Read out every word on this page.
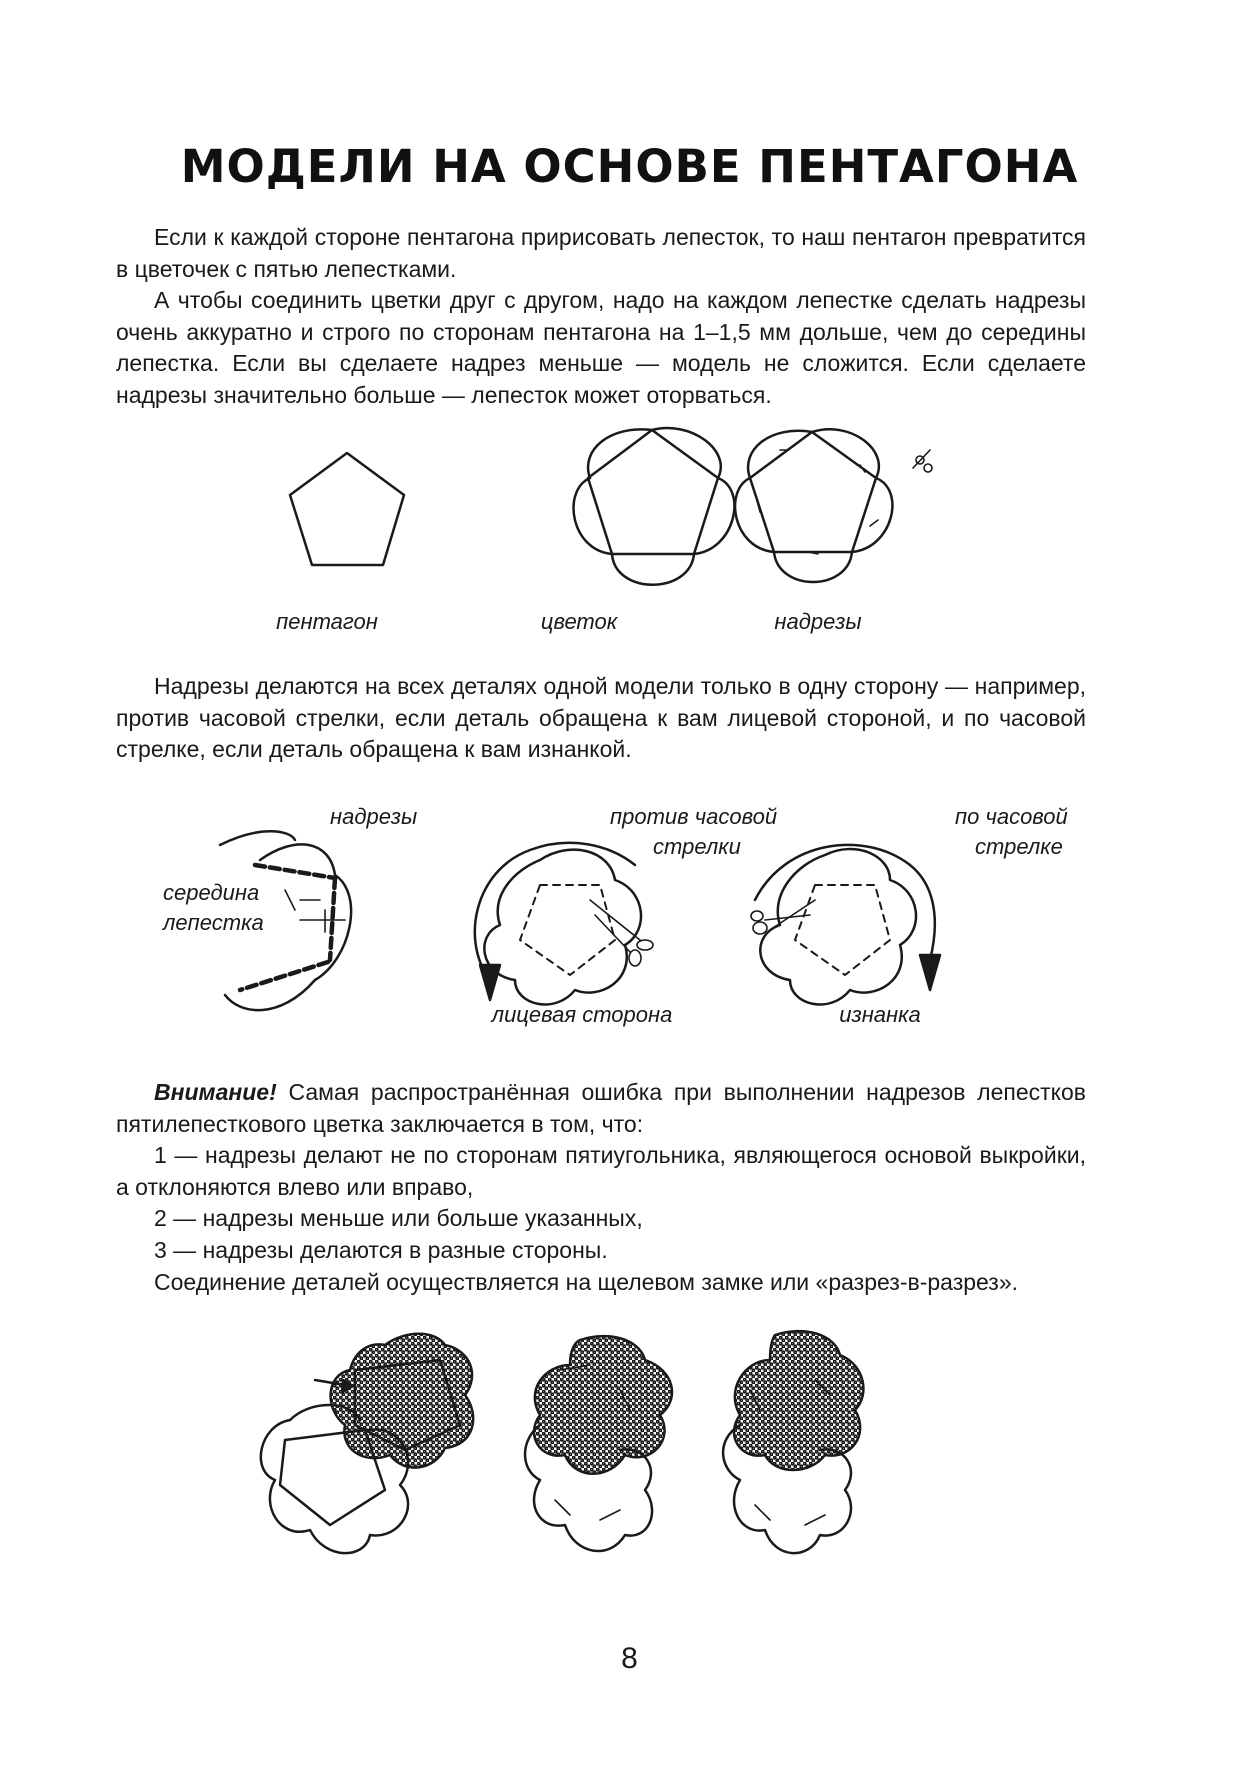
МОДЕЛИ НА ОСНОВЕ ПЕНТАГОНА

Если к каждой стороне пентагона пририсовать лепесток, то наш пентагон превратится в цветочек с пятью лепестками.

А чтобы соединить цветки друг с другом, надо на каждом лепестке сделать надрезы очень аккуратно и строго по сторонам пентагона на 1–1,5 мм дольше, чем до середины лепестка. Если вы сделаете надрез меньше — модель не сложится. Если сделаете надрезы значительно больше — лепесток может оторваться.

пентагон	цветок	надрезы

Надрезы делаются на всех деталях одной модели только в одну сторону — например, против часовой стрелки, если деталь обращена к вам лицевой стороной, и по часовой стрелке, если деталь обращена к вам изнанкой.

надрезы

середина

лепестка

против часовой

стрелки

по часовой

стрелке

лицевая сторона	изнанка

Внимание! Самая распространённая ошибка при выполнении надрезов лепестков пятилепесткового цветка заключается в том, что:

1 — надрезы делают не по сторонам пятиугольника, являющегося основой выкройки, а отклоняются влево или вправо,

2 — надрезы меньше или больше указанных,

3 — надрезы делаются в разные стороны.

Соединение деталей осуществляется на щелевом замке или «разрез-в-разрез».

8
